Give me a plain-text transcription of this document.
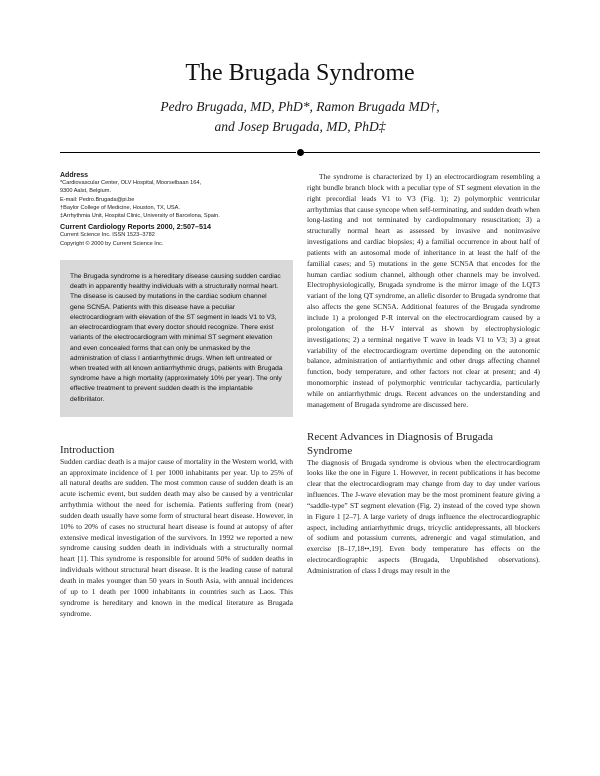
The Brugada Syndrome
Pedro Brugada, MD, PhD*, Ramon Brugada MD†,
and Josep Brugada, MD, PhD‡

Address

*Cardiovascular Center, OLV Hospital, Moorselbaan 164,

9300 Aalst, Belgium.

E-mail: Pedro.Brugada@pi.be

†Baylor College of Medicine, Houston, TX, USA.

‡Arrhythmia Unit, Hospital Clinic, University of Barcelona, Spain.

Current Cardiology Reports 2000, 2:507–514

Current Science Inc. ISSN 1523–3782

Copyright © 2000 by Current Science Inc.

The Brugada syndrome is a hereditary disease causing sudden cardiac death in apparently healthy individuals with a structurally normal heart. The disease is caused by mutations in the cardiac sodium channel gene SCN5A. Patients with this disease have a peculiar electrocardiogram with elevation of the ST segment in leads V1 to V3, an electrocardiogram that every doctor should recognize. There exist variants of the electrocardiogram with minimal ST segment elevation and even concealed forms that can only be unmasked by the administration of class I antiarrhythmic drugs. When left untreated or when treated with all known antiarrhythmic drugs, patients with Brugada syndrome have a high mortality (approximately 10% per year). The only effective treatment to prevent sudden death is the implantable defibrillator.

Introduction

Sudden cardiac death is a major cause of mortality in the Western world, with an approximate incidence of 1 per 1000 inhabitants per year. Up to 25% of all natural deaths are sudden. The most common cause of sudden death is an acute ischemic event, but sudden death may also be caused by a ventricular arrhythmia without the need for ischemia. Patients suffering from (near) sudden death usually have some form of structural heart disease. However, in 10% to 20% of cases no structural heart disease is found at autopsy of after extensive medical investigation of the survivors. In 1992 we reported a new syndrome causing sudden death in individuals with a structurally normal heart [1]. This syndrome is responsible for around 50% of sudden deaths in individuals without structural heart disease. It is the leading cause of natural death in males younger than 50 years in South Asia, with annual incidences of up to 1 death per 1000 inhabitants in countries such as Laos. This syndrome is hereditary and known in the medical literature as Brugada syndrome.

The syndrome is characterized by 1) an electrocardiogram resembling a right bundle branch block with a peculiar type of ST segment elevation in the right precordial leads V1 to V3 (Fig. 1); 2) polymorphic ventricular arrhythmias that cause syncope when self-terminating, and sudden death when long-lasting and not terminated by cardiopulmonary resuscitation; 3) a structurally normal heart as assessed by invasive and noninvasive investigations and cardiac biopsies; 4) a familial occurrence in about half of patients with an autosomal mode of inheritance in at least the half of the familial cases; and 5) mutations in the gene SCN5A that encodes for the human cardiac sodium channel, although other channels may be involved. Electrophysiologically, Brugada syndrome is the mirror image of the LQT3 variant of the long QT syndrome, an allelic disorder to Brugada syndrome that also affects the gene SCN5A. Additional features of the Brugada syndrome include 1) a prolonged P-R interval on the electrocardiogram caused by a prolongation of the H-V interval as shown by electrophysiologic investigations; 2) a terminal negative T wave in leads V1 to V3; 3) a great variability of the electrocardiogram overtime depending on the autonomic balance, administration of antiarrhythmic and other drugs affecting channel function, body temperature, and other factors not clear at present; and 4) monomorphic instead of polymorphic ventricular tachycardia, particularly while on antiarrhythmic drugs. Recent advances on the understanding and management of Brugada syndrome are discussed here.

Recent Advances in Diagnosis of Brugada Syndrome

The diagnosis of Brugada syndrome is obvious when the electrocardiogram looks like the one in Figure 1. However, in recent publications it has become clear that the electrocardiogram may change from day to day under various influences. The J-wave elevation may be the most prominent feature giving a “saddle-type” ST segment elevation (Fig. 2) instead of the coved type shown in Figure 1 [2–7]. A large variety of drugs influence the electrocardiographic aspect, including antiarrhythmic drugs, tricyclic antidepressants, all blockers of sodium and potassium currents, adrenergic and vagal stimulation, and exercise [8–17,18••,19]. Even body temperature has effects on the electrocardiographic aspects (Brugada, Unpublished observations). Administration of class I drugs may result in the
